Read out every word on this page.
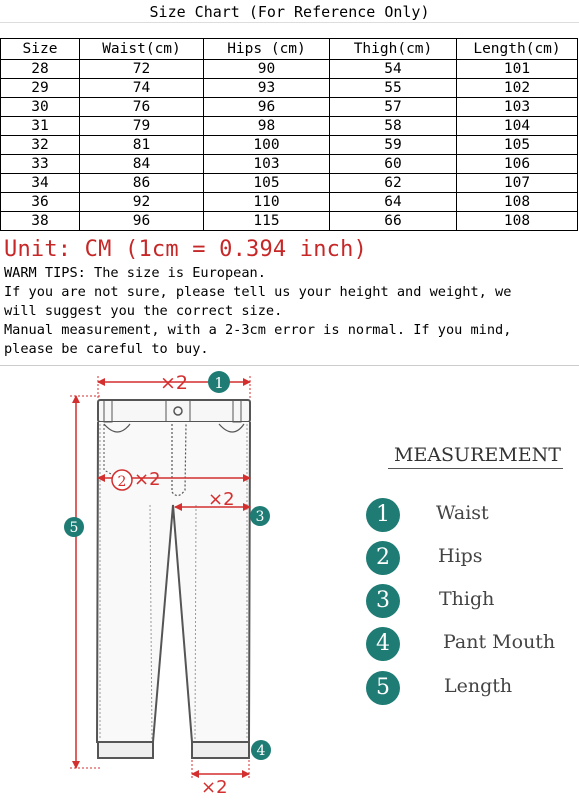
Size Chart (For Reference Only)
Size	Waist(cm)	Hips (cm)	Thigh(cm)	Length(cm)
28	72	90	54	101
29	74	93	55	102
30	76	96	57	103
31	79	98	58	104
32	81	100	59	105
33	84	103	60	106
34	86	105	62	107
36	92	110	64	108
38	96	115	66	108
Unit: CM (1cm = 0.394 inch)
WARM TIPS: The size is European.
If you are not sure, please tell us your height and weight, we
will suggest you the correct size.
Manual measurement, with a 2-3cm error is normal. If you mind,
please be careful to buy.
×2 1
2 ×2
×2
3
5
×2
4
MEASUREMENT
1	Waist
2	Hips
3	Thigh
4	Pant Mouth
5	Length
